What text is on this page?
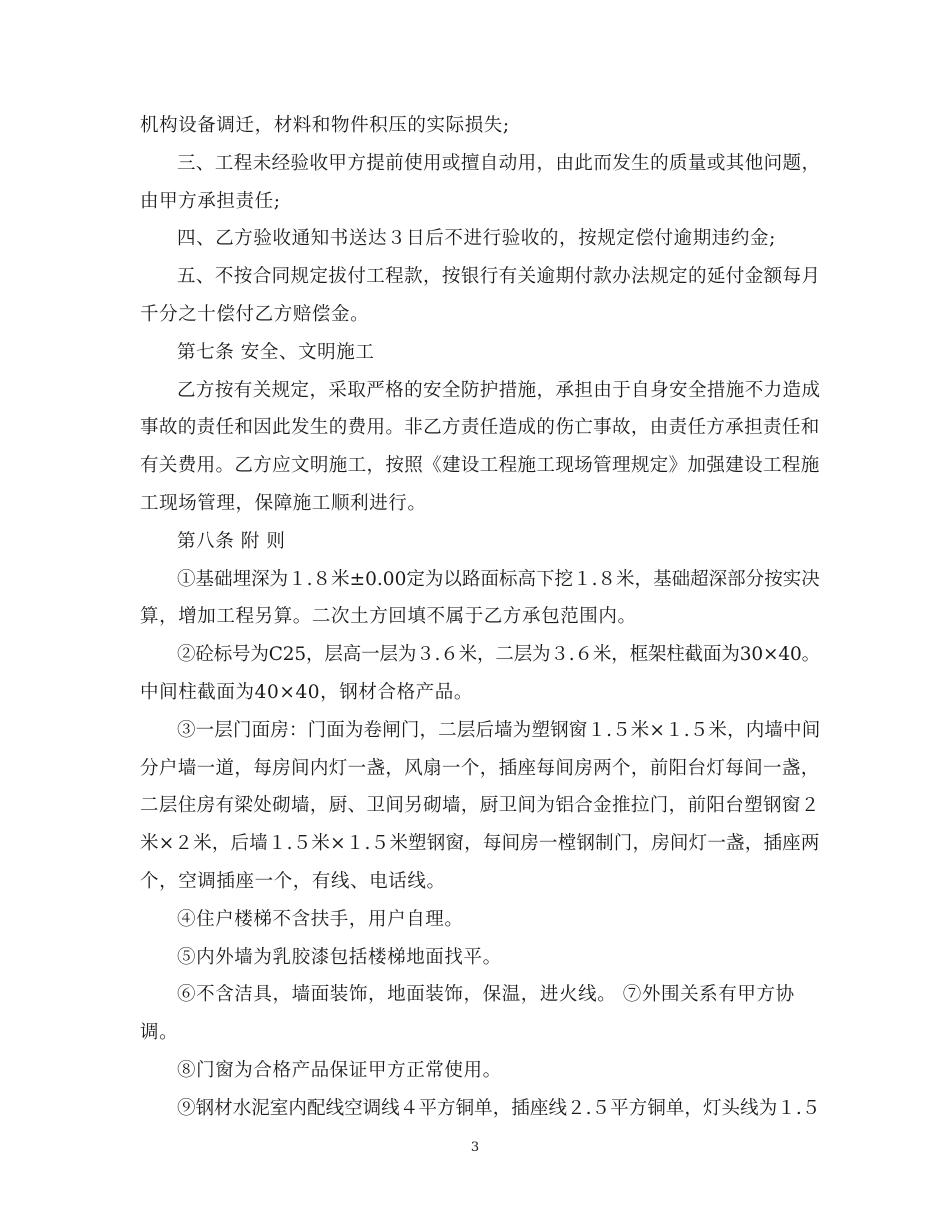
机构设备调迁，材料和物件积压的实际损失;
三、工程未经验收甲方提前使用或擅自动用，由此而发生的质量或其他问题，
由甲方承担责任;
四、乙方验收通知书送达３日后不进行验收的，按规定偿付逾期违约金;
五、不按合同规定拔付工程款，按银行有关逾期付款办法规定的延付金额每月
千分之十偿付乙方赔偿金。
第七条 安全、文明施工
乙方按有关规定，采取严格的安全防护措施，承担由于自身安全措施不力造成
事故的责任和因此发生的费用。非乙方责任造成的伤亡事故，由责任方承担责任和
有关费用。乙方应文明施工，按照《建设工程施工现场管理规定》加强建设工程施
工现场管理，保障施工顺利进行。
第八条 附 则
①基础埋深为１.８米±0.00定为以路面标高下挖１.８米，基础超深部分按实决
算，增加工程另算。二次土方回填不属于乙方承包范围内。
②砼标号为C25，层高一层为３.６米，二层为３.６米，框架柱截面为30×40。
中间柱截面为40×40，钢材合格产品。
③一层门面房：门面为卷闸门，二层后墙为塑钢窗１.５米×１.５米，内墙中间
分户墙一道，每房间内灯一盏，风扇一个，插座每间房两个，前阳台灯每间一盏，
二层住房有梁处砌墙，厨、卫间另砌墙，厨卫间为铝合金推拉门，前阳台塑钢窗２
米×２米，后墙１.５米×１.５米塑钢窗，每间房一樘钢制门，房间灯一盏，插座两
个，空调插座一个，有线、电话线。
④住户楼梯不含扶手，用户自理。
⑤内外墙为乳胶漆包括楼梯地面找平。
⑥不含洁具，墙面装饰，地面装饰，保温，进火线。 ⑦外围关系有甲方协
调。
⑧门窗为合格产品保证甲方正常使用。
⑨钢材水泥室内配线空调线４平方铜单，插座线２.５平方铜单，灯头线为１.５
3
